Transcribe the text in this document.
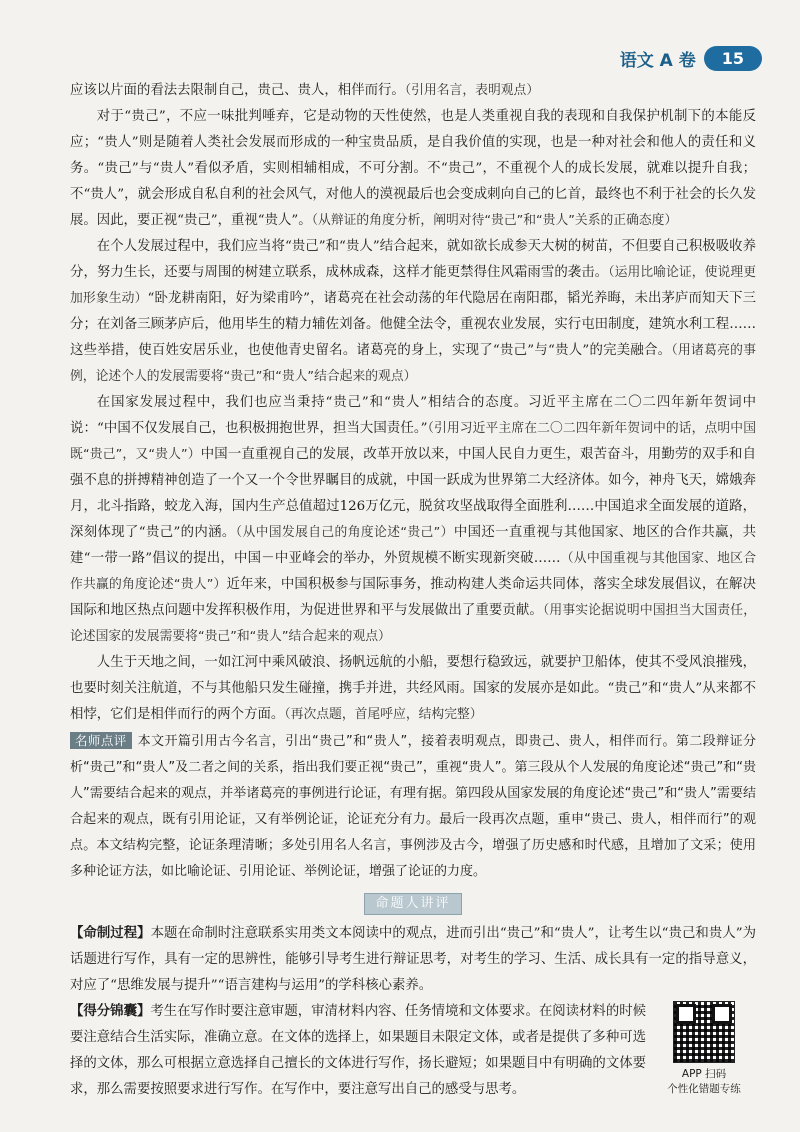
语文 A 卷	15

应该以片面的看法去限制自己，贵己、贵人，相伴而行。（引用名言，表明观点）

对于“贵己”，不应一味批判唾弃，它是动物的天性使然，也是人类重视自我的表现和自我保护机制下的本能反应；“贵人”则是随着人类社会发展而形成的一种宝贵品质，是自我价值的实现，也是一种对社会和他人的责任和义务。“贵己”与“贵人”看似矛盾，实则相辅相成，不可分割。不“贵己”，不重视个人的成长发展，就难以提升自我；不“贵人”，就会形成自私自利的社会风气，对他人的漠视最后也会变成刺向自己的匕首，最终也不利于社会的长久发展。因此，要正视“贵己”，重视“贵人”。（从辩证的角度分析，阐明对待“贵己”和“贵人”关系的正确态度）

在个人发展过程中，我们应当将“贵己”和“贵人”结合起来，就如欲长成参天大树的树苗，不但要自己积极吸收养分，努力生长，还要与周围的树建立联系，成林成森，这样才能更禁得住风霜雨雪的袭击。（运用比喻论证，使说理更加形象生动）“卧龙耕南阳，好为梁甫吟”，诸葛亮在社会动荡的年代隐居在南阳郡，韬光养晦，未出茅庐而知天下三分；在刘备三顾茅庐后，他用毕生的精力辅佐刘备。他健全法令，重视农业发展，实行屯田制度，建筑水利工程……这些举措，使百姓安居乐业，也使他青史留名。诸葛亮的身上，实现了“贵己”与“贵人”的完美融合。（用诸葛亮的事例，论述个人的发展需要将“贵己”和“贵人”结合起来的观点）

在国家发展过程中，我们也应当秉持“贵己”和“贵人”相结合的态度。习近平主席在二〇二四年新年贺词中说：“中国不仅发展自己，也积极拥抱世界，担当大国责任。”（引用习近平主席在二〇二四年新年贺词中的话，点明中国既“贵己”，又“贵人”）中国一直重视自己的发展，改革开放以来，中国人民自力更生，艰苦奋斗，用勤劳的双手和自强不息的拼搏精神创造了一个又一个令世界瞩目的成就，中国一跃成为世界第二大经济体。如今，神舟飞天，嫦娥奔月，北斗指路，蛟龙入海，国内生产总值超过126万亿元，脱贫攻坚战取得全面胜利……中国追求全面发展的道路，深刻体现了“贵己”的内涵。（从中国发展自己的角度论述“贵己”）中国还一直重视与其他国家、地区的合作共赢，共建“一带一路”倡议的提出，中国－中亚峰会的举办，外贸规模不断实现新突破……（从中国重视与其他国家、地区合作共赢的角度论述“贵人”）近年来，中国积极参与国际事务，推动构建人类命运共同体，落实全球发展倡议，在解决国际和地区热点问题中发挥积极作用，为促进世界和平与发展做出了重要贡献。（用事实论据说明中国担当大国责任，论述国家的发展需要将“贵己”和“贵人”结合起来的观点）

人生于天地之间，一如江河中乘风破浪、扬帆远航的小船，要想行稳致远，就要护卫船体，使其不受风浪摧残，也要时刻关注航道，不与其他船只发生碰撞，携手并进，共经风雨。国家的发展亦是如此。“贵己”和“贵人”从来都不相悖，它们是相伴而行的两个方面。（再次点题，首尾呼应，结构完整）

名师点评 本文开篇引用古今名言，引出“贵己”和“贵人”，接着表明观点，即贵己、贵人，相伴而行。第二段辩证分析“贵己”和“贵人”及二者之间的关系，指出我们要正视“贵己”，重视“贵人”。第三段从个人发展的角度论述“贵己”和“贵人”需要结合起来的观点，并举诸葛亮的事例进行论证，有理有据。第四段从国家发展的角度论述“贵己”和“贵人”需要结合起来的观点，既有引用论证，又有举例论证，论证充分有力。最后一段再次点题，重申“贵己、贵人，相伴而行”的观点。本文结构完整，论证条理清晰；多处引用名人名言，事例涉及古今，增强了历史感和时代感，且增加了文采；使用多种论证方法，如比喻论证、引用论证、举例论证，增强了论证的力度。

命题人讲评

【命制过程】本题在命制时注意联系实用类文本阅读中的观点，进而引出“贵己”和“贵人”，让考生以“贵己和贵人”为话题进行写作，具有一定的思辨性，能够引导考生进行辩证思考，对考生的学习、生活、成长具有一定的指导意义，对应了“思维发展与提升”“语言建构与运用”的学科核心素养。

【得分锦囊】考生在写作时要注意审题，审清材料内容、任务情境和文体要求。在阅读材料的时候要注意结合生活实际，准确立意。在文体的选择上，如果题目未限定文体，或者是提供了多种可选择的文体，那么可根据立意选择自己擅长的文体进行写作，扬长避短；如果题目中有明确的文体要求，那么需要按照要求进行写作。在写作中，要注意写出自己的感受与思考。

APP 扫码
个性化错题专练
